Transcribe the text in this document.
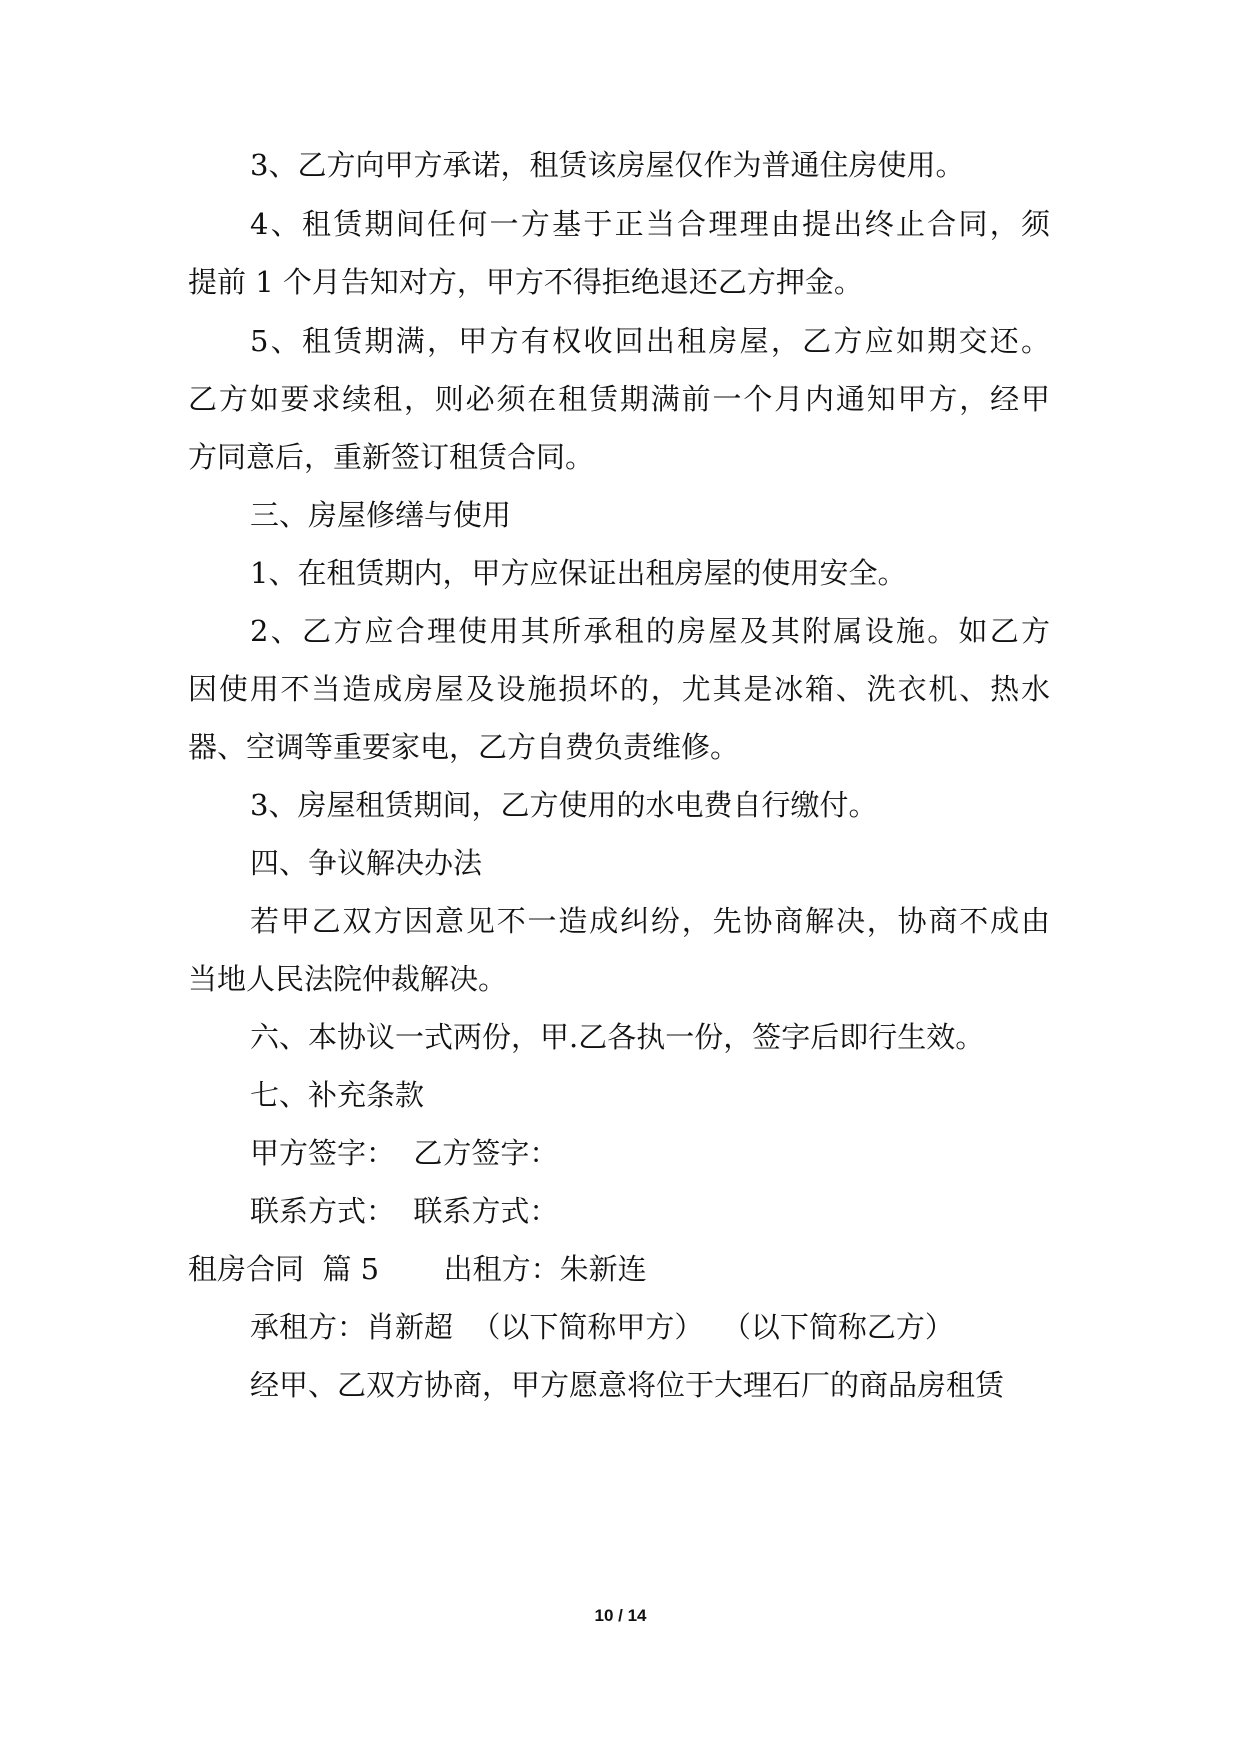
3、乙方向甲方承诺，租赁该房屋仅作为普通住房使用。
4、租赁期间任何一方基于正当合理理由提出终止合同，须
提前 1 个月告知对方，甲方不得拒绝退还乙方押金。
5、租赁期满，甲方有权收回出租房屋，乙方应如期交还。
乙方如要求续租，则必须在租赁期满前一个月内通知甲方，经甲
方同意后，重新签订租赁合同。
三、房屋修缮与使用
1、在租赁期内，甲方应保证出租房屋的使用安全。
2、乙方应合理使用其所承租的房屋及其附属设施。如乙方
因使用不当造成房屋及设施损坏的，尤其是冰箱、洗衣机、热水
器、空调等重要家电，乙方自费负责维修。
3、房屋租赁期间，乙方使用的水电费自行缴付。
四、争议解决办法
若甲乙双方因意见不一造成纠纷，先协商解决，协商不成由
当地人民法院仲裁解决。
六、本协议一式两份，甲.乙各执一份，签字后即行生效。
七、补充条款
甲方签字：  乙方签字：
联系方式：  联系方式：
租房合同  篇 5       出租方：朱新连
承租方：肖新超  （以下简称甲方）  （以下简称乙方）
经甲、乙双方协商，甲方愿意将位于大理石厂的商品房租赁
10 / 14
